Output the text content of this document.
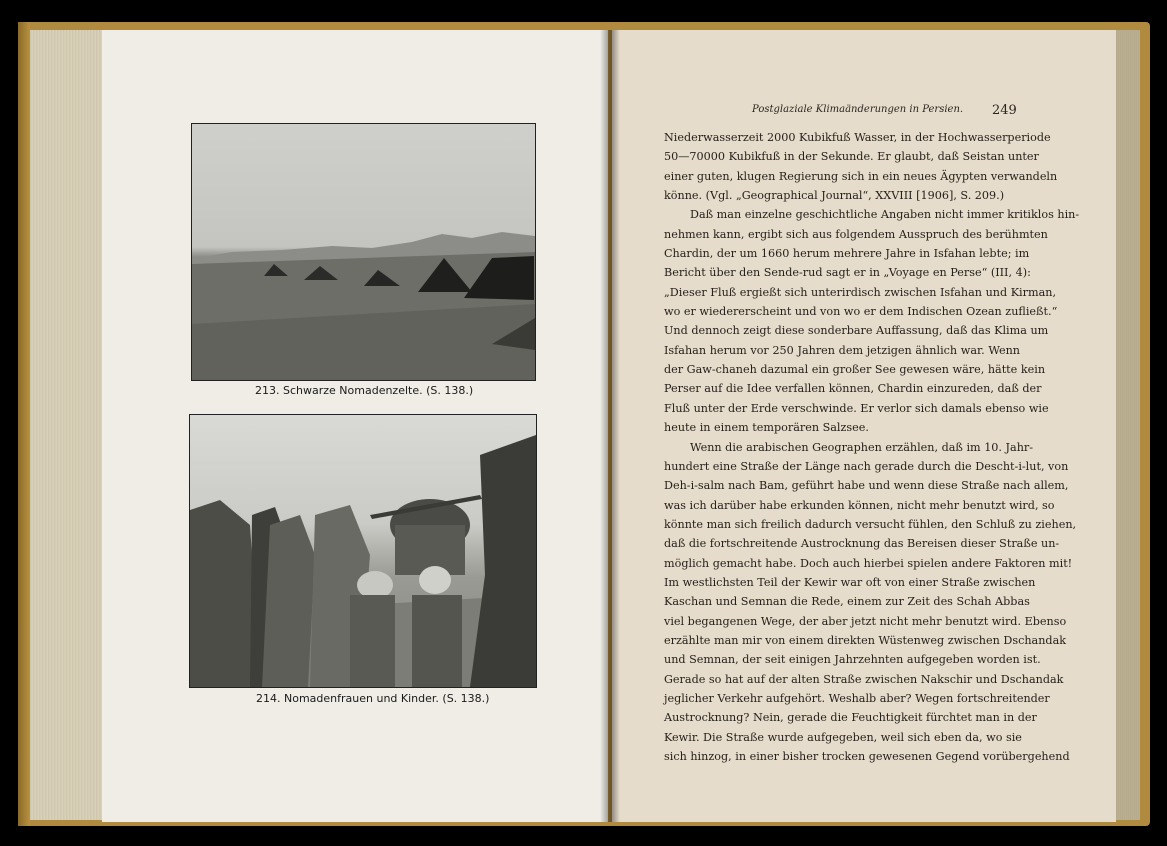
213. Schwarze Nomadenzelte. (S. 138.)
214. Nomadenfrauen und Kinder. (S. 138.)
Postglaziale Klimaänderungen in Persien. 249
Niederwasserzeit 2000 Kubikfuß Wasser, in der Hochwasserperiode
50—70000 Kubikfuß in der Sekunde. Er glaubt, daß Seistan unter
einer guten, klugen Regierung sich in ein neues Ägypten verwandeln
könne. (Vgl. „Geographical Journal“, XXVIII [1906], S. 209.)
Daß man einzelne geschichtliche Angaben nicht immer kritiklos hin-
nehmen kann, ergibt sich aus folgendem Ausspruch des berühmten
Chardin, der um 1660 herum mehrere Jahre in Isfahan lebte; im
Bericht über den Sende-rud sagt er in „Voyage en Perse“ (III, 4):
„Dieser Fluß ergießt sich unterirdisch zwischen Isfahan und Kirman,
wo er wiedererscheint und von wo er dem Indischen Ozean zufließt.“
Und dennoch zeigt diese sonderbare Auffassung, daß das Klima um
Isfahan herum vor 250 Jahren dem jetzigen ähnlich war. Wenn
der Gaw-chaneh dazumal ein großer See gewesen wäre, hätte kein
Perser auf die Idee verfallen können, Chardin einzureden, daß der
Fluß unter der Erde verschwinde. Er verlor sich damals ebenso wie
heute in einem temporären Salzsee.
Wenn die arabischen Geographen erzählen, daß im 10. Jahr-
hundert eine Straße der Länge nach gerade durch die Descht-i-lut, von
Deh-i-salm nach Bam, geführt habe und wenn diese Straße nach allem,
was ich darüber habe erkunden können, nicht mehr benutzt wird, so
könnte man sich freilich dadurch versucht fühlen, den Schluß zu ziehen,
daß die fortschreitende Austrocknung das Bereisen dieser Straße un-
möglich gemacht habe. Doch auch hierbei spielen andere Faktoren mit!
Im westlichsten Teil der Kewir war oft von einer Straße zwischen
Kaschan und Semnan die Rede, einem zur Zeit des Schah Abbas
viel begangenen Wege, der aber jetzt nicht mehr benutzt wird. Ebenso
erzählte man mir von einem direkten Wüstenweg zwischen Dschandak
und Semnan, der seit einigen Jahrzehnten aufgegeben worden ist.
Gerade so hat auf der alten Straße zwischen Nakschir und Dschandak
jeglicher Verkehr aufgehört. Weshalb aber? Wegen fortschreitender
Austrocknung? Nein, gerade die Feuchtigkeit fürchtet man in der
Kewir. Die Straße wurde aufgegeben, weil sich eben da, wo sie
sich hinzog, in einer bisher trocken gewesenen Gegend vorübergehend
